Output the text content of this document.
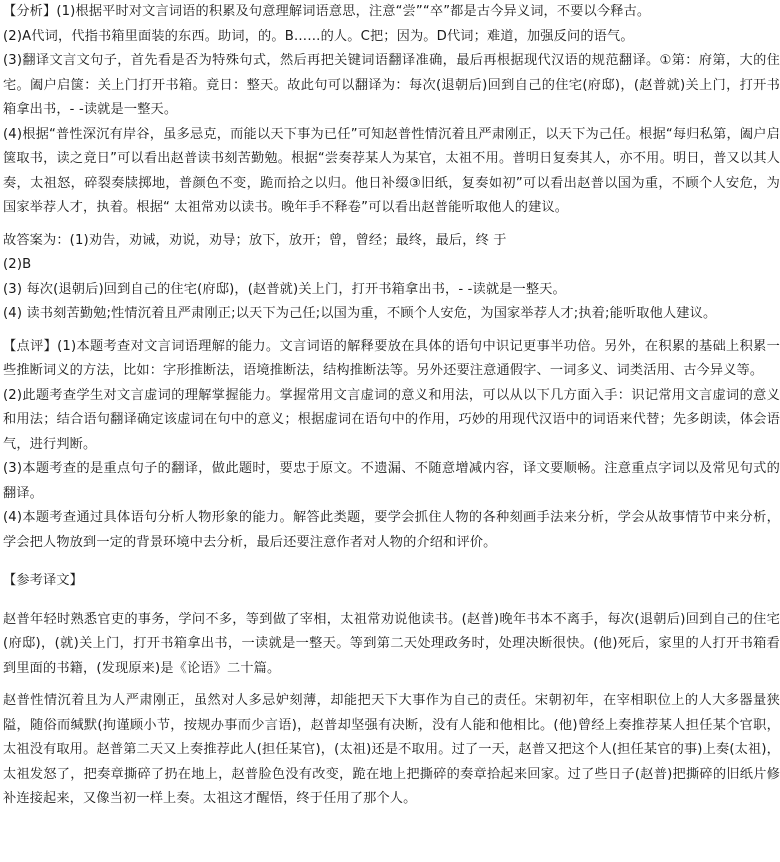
【分析】(1)根据平时对文言词语的积累及句意理解词语意思，注意“尝”“卒”都是古今异义词，不要以今释古。

(2)A代词，代指书箱里面装的东西。助词，的。B……的人。C把；因为。D代词；难道，加强反问的语气。

(3)翻译文言文句子，首先看是否为特殊句式，然后再把关键词语翻译准确，最后再根据现代汉语的规范翻译。①第：府第，大的住宅。阖户启箧：关上门打开书箱。竟日：整天。故此句可以翻译为：每次(退朝后)回到自己的住宅(府邸)，(赵普就)关上门，打开书箱拿出书，- -读就是一整天。

(4)根据“普性深沉有岸谷，虽多忌克，而能以天下事为已任”可知赵普性情沉着且严肃刚正，以天下为己任。根据“每归私第，阖户启箧取书，读之竟日”可以看出赵普读书刻苦勤勉。根据“尝奏荐某人为某官，太祖不用。普明日复奏其人，亦不用。明日，普又以其人奏，太祖怒，碎裂奏牍掷地，普颜色不变，跪而拾之以归。他日补缀③旧纸，复奏如初”可以看出赵普以国为重，不顾个人安危，为国家举荐人才，执着。根据“ 太祖常劝以读书。晚年手不释卷”可以看出赵普能听取他人的建议。

故答案为：(1)劝告，劝诫，劝说，劝导；放下，放开；曾，曾经；最终，最后，终 于

(2)B

(3) 每次(退朝后)回到自己的住宅(府邸)，(赵普就)关上门，打开书箱拿出书，- -读就是一整天。

(4) 读书刻苦勤勉;性情沉着且严肃刚正;以天下为己任;以国为重，不顾个人安危，为国家举荐人才;执着;能听取他人建议。

【点评】(1)本题考查对文言词语理解的能力。文言词语的解释要放在具体的语句中识记更事半功倍。另外，在积累的基础上积累一些推断词义的方法，比如：字形推断法，语境推断法，结构推断法等。另外还要注意通假字、一词多义、词类活用、古今异义等。

(2)此题考查学生对文言虚词的理解掌握能力。掌握常用文言虚词的意义和用法，可以从以下几方面入手：识记常用文言虚词的意义和用法；结合语句翻译确定该虚词在句中的意义；根据虚词在语句中的作用，巧妙的用现代汉语中的词语来代替；先多朗读，体会语气，进行判断。

(3)本题考查的是重点句子的翻译，做此题时，要忠于原文。不遗漏、不随意增减内容，译文要顺畅。注意重点字词以及常见句式的翻译。

(4)本题考查通过具体语句分析人物形象的能力。解答此类题，要学会抓住人物的各种刻画手法来分析，学会从故事情节中来分析，学会把人物放到一定的背景环境中去分析，最后还要注意作者对人物的介绍和评价。

【参考译文】

赵普年轻时熟悉官吏的事务，学问不多，等到做了宰相，太祖常劝说他读书。(赵普)晚年书本不离手，每次(退朝后)回到自己的住宅(府邸)，(就)关上门，打开书箱拿出书，一读就是一整天。等到第二天处理政务时，处理决断很快。(他)死后，家里的人打开书箱看到里面的书籍，(发现原来)是《论语》二十篇。

赵普性情沉着且为人严肃刚正，虽然对人多忌妒刻薄，却能把天下大事作为自己的责任。宋朝初年，在宰相职位上的人大多器量狭隘，随俗而缄默(拘谨顾小节，按规办事而少言语)，赵普却坚强有决断，没有人能和他相比。(他)曾经上奏推荐某人担任某个官职，太祖没有取用。赵普第二天又上奏推荐此人(担任某官)，(太祖)还是不取用。过了一天，赵普又把这个人(担任某官的事)上奏(太祖)，太祖发怒了，把奏章撕碎了扔在地上，赵普脸色没有改变，跪在地上把撕碎的奏章拾起来回家。过了些日子(赵普)把撕碎的旧纸片修补连接起来，又像当初一样上奏。太祖这才醒悟，终于任用了那个人。
